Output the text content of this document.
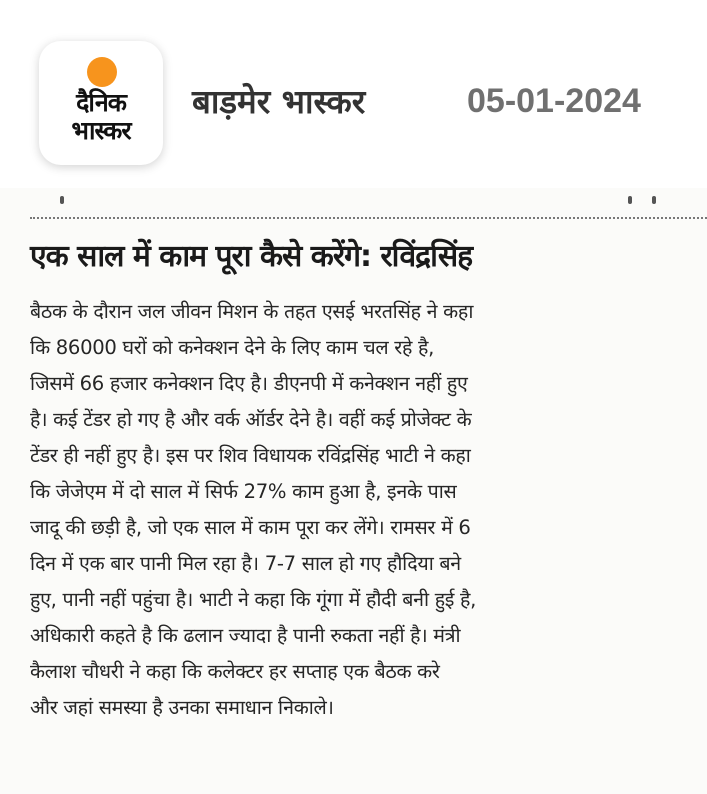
दैनिक
भास्कर
बाड़मेर भास्कर	05-01-2024
एक साल में काम पूरा कैसे करेंगे: रविंद्रसिंह
बैठक के दौरान जल जीवन मिशन के तहत एसई भरतसिंह ने कहा
कि 86000 घरों को कनेक्शन देने के लिए काम चल रहे है,
जिसमें 66 हजार कनेक्शन दिए है। डीएनपी में कनेक्शन नहीं हुए
है। कई टेंडर हो गए है और वर्क ऑर्डर देने है। वहीं कई प्रोजेक्ट के
टेंडर ही नहीं हुए है। इस पर शिव विधायक रविंद्रसिंह भाटी ने कहा
कि जेजेएम में दो साल में सिर्फ 27% काम हुआ है, इनके पास
जादू की छड़ी है, जो एक साल में काम पूरा कर लेंगे। रामसर में 6
दिन में एक बार पानी मिल रहा है। 7-7 साल हो गए हौदिया बने
हुए, पानी नहीं पहुंचा है। भाटी ने कहा कि गूंगा में हौदी बनी हुई है,
अधिकारी कहते है कि ढलान ज्यादा है पानी रुकता नहीं है। मंत्री
कैलाश चौधरी ने कहा कि कलेक्टर हर सप्ताह एक बैठक करे
और जहां समस्या है उनका समाधान निकाले।
